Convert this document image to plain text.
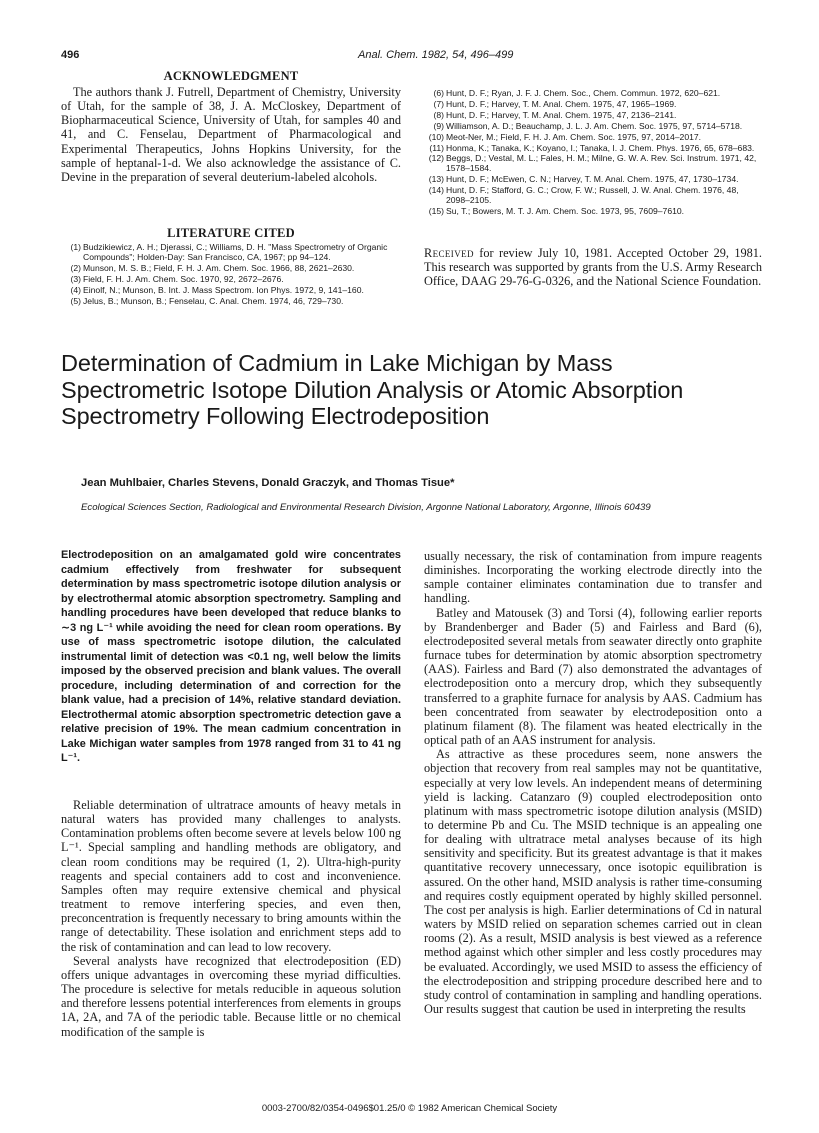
496	Anal. Chem. 1982, 54, 496–499
ACKNOWLEDGMENT

The authors thank J. Futrell, Department of Chemistry, University of Utah, for the sample of 38, J. A. McCloskey, Department of Biopharmaceutical Science, University of Utah, for samples 40 and 41, and C. Fenselau, Department of Pharmacological and Experimental Therapeutics, Johns Hopkins University, for the sample of heptanal-1-d. We also acknowledge the assistance of C. Devine in the preparation of several deuterium-labeled alcohols.

LITERATURE CITED
(1) Budzikiewicz, A. H.; Djerassi, C.; Williams, D. H. "Mass Spectrometry of Organic Compounds"; Holden-Day: San Francisco, CA, 1967; pp 94–124.
(2) Munson, M. S. B.; Field, F. H. J. Am. Chem. Soc. 1966, 88, 2621–2630.
(3) Field, F. H. J. Am. Chem. Soc. 1970, 92, 2672–2676.
(4) Einolf, N.; Munson, B. Int. J. Mass Spectrom. Ion Phys. 1972, 9, 141–160.
(5) Jelus, B.; Munson, B.; Fenselau, C. Anal. Chem. 1974, 46, 729–730.
(6) Hunt, D. F.; Ryan, J. F. J. Chem. Soc., Chem. Commun. 1972, 620–621.
(7) Hunt, D. F.; Harvey, T. M. Anal. Chem. 1975, 47, 1965–1969.
(8) Hunt, D. F.; Harvey, T. M. Anal. Chem. 1975, 47, 2136–2141.
(9) Williamson, A. D.; Beauchamp, J. L. J. Am. Chem. Soc. 1975, 97, 5714–5718.
(10) Meot-Ner, M.; Field, F. H. J. Am. Chem. Soc. 1975, 97, 2014–2017.
(11) Honma, K.; Tanaka, K.; Koyano, I.; Tanaka, I. J. Chem. Phys. 1976, 65, 678–683.
(12) Beggs, D.; Vestal, M. L.; Fales, H. M.; Milne, G. W. A. Rev. Sci. Instrum. 1971, 42, 1578–1584.
(13) Hunt, D. F.; McEwen, C. N.; Harvey, T. M. Anal. Chem. 1975, 47, 1730–1734.
(14) Hunt, D. F.; Stafford, G. C.; Crow, F. W.; Russell, J. W. Anal. Chem. 1976, 48, 2098–2105.
(15) Su, T.; Bowers, M. T. J. Am. Chem. Soc. 1973, 95, 7609–7610.

Received for review July 10, 1981. Accepted October 29, 1981. This research was supported by grants from the U.S. Army Research Office, DAAG 29-76-G-0326, and the National Science Foundation.

Determination of Cadmium in Lake Michigan by Mass Spectrometric Isotope Dilution Analysis or Atomic Absorption Spectrometry Following Electrodeposition
Jean Muhlbaier, Charles Stevens, Donald Graczyk, and Thomas Tisue*
Ecological Sciences Section, Radiological and Environmental Research Division, Argonne National Laboratory, Argonne, Illinois 60439
Electrodeposition on an amalgamated gold wire concentrates cadmium effectively from freshwater for subsequent determination by mass spectrometric isotope dilution analysis or by electrothermal atomic absorption spectrometry. Sampling and handling procedures have been developed that reduce blanks to ∼3 ng L⁻¹ while avoiding the need for clean room operations. By use of mass spectrometric isotope dilution, the calculated instrumental limit of detection was <0.1 ng, well below the limits imposed by the observed precision and blank values. The overall procedure, including determination of and correction for the blank value, had a precision of 14%, relative standard deviation. Electrothermal atomic absorption spectrometric detection gave a relative precision of 19%. The mean cadmium concentration in Lake Michigan water samples from 1978 ranged from 31 to 41 ng L⁻¹.

Reliable determination of ultratrace amounts of heavy metals in natural waters has provided many challenges to analysts. Contamination problems often become severe at levels below 100 ng L⁻¹. Special sampling and handling methods are obligatory, and clean room conditions may be required (1, 2). Ultra-high-purity reagents and special containers add to cost and inconvenience. Samples often may require extensive chemical and physical treatment to remove interfering species, and even then, preconcentration is frequently necessary to bring amounts within the range of detectability. These isolation and enrichment steps add to the risk of contamination and can lead to low recovery.

Several analysts have recognized that electrodeposition (ED) offers unique advantages in overcoming these myriad difficulties. The procedure is selective for metals reducible in aqueous solution and therefore lessens potential interferences from elements in groups 1A, 2A, and 7A of the periodic table. Because little or no chemical modification of the sample is

usually necessary, the risk of contamination from impure reagents diminishes. Incorporating the working electrode directly into the sample container eliminates contamination due to transfer and handling.

Batley and Matousek (3) and Torsi (4), following earlier reports by Brandenberger and Bader (5) and Fairless and Bard (6), electrodeposited several metals from seawater directly onto graphite furnace tubes for determination by atomic absorption spectrometry (AAS). Fairless and Bard (7) also demonstrated the advantages of electrodeposition onto a mercury drop, which they subsequently transferred to a graphite furnace for analysis by AAS. Cadmium has been concentrated from seawater by electrodeposition onto a platinum filament (8). The filament was heated electrically in the optical path of an AAS instrument for analysis.

As attractive as these procedures seem, none answers the objection that recovery from real samples may not be quantitative, especially at very low levels. An independent means of determining yield is lacking. Catanzaro (9) coupled electrodeposition onto platinum with mass spectrometric isotope dilution analysis (MSID) to determine Pb and Cu. The MSID technique is an appealing one for dealing with ultratrace metal analyses because of its high sensitivity and specificity. But its greatest advantage is that it makes quantitative recovery unnecessary, once isotopic equilibration is assured. On the other hand, MSID analysis is rather time-consuming and requires costly equipment operated by highly skilled personnel. The cost per analysis is high. Earlier determinations of Cd in natural waters by MSID relied on separation schemes carried out in clean rooms (2). As a result, MSID analysis is best viewed as a reference method against which other simpler and less costly procedures may be evaluated. Accordingly, we used MSID to assess the efficiency of the electrodeposition and stripping procedure described here and to study control of contamination in sampling and handling operations. Our results suggest that caution be used in interpreting the results

0003-2700/82/0354-0496$01.25/0 © 1982 American Chemical Society
